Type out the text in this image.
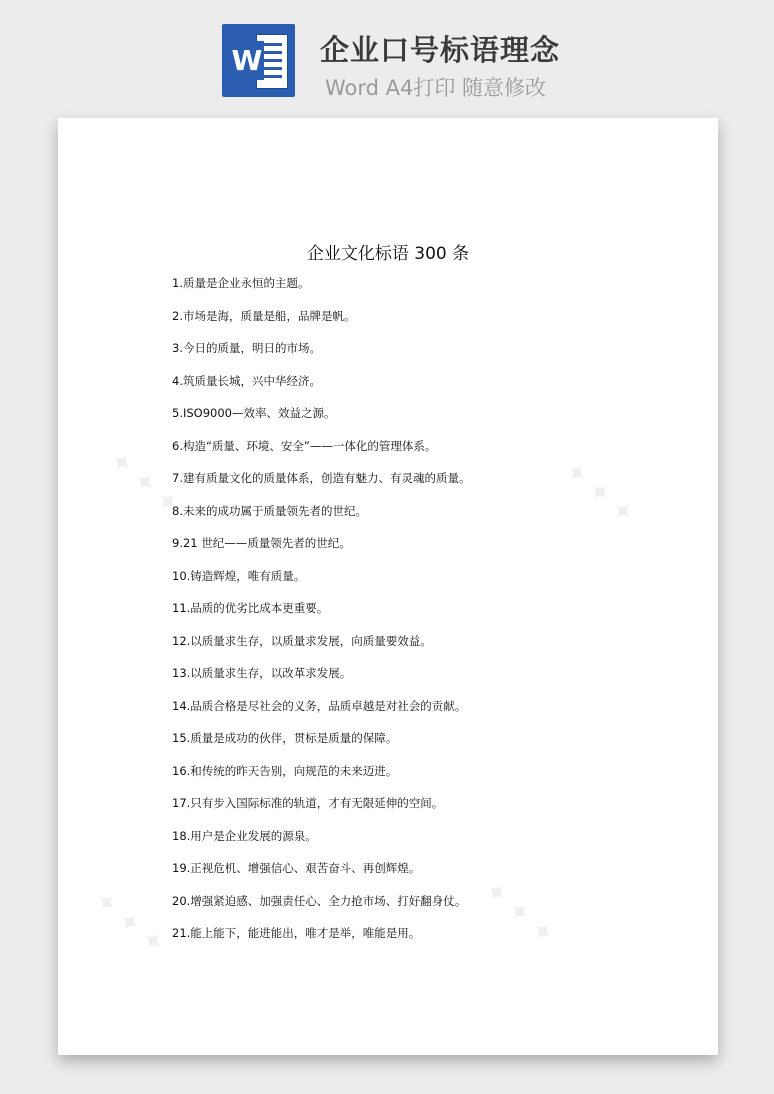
W 企业口号标语理念
Word A4打印 随意修改
✦ ✦ ✦	✦ ✦ ✦
✦ ✦ ✦	✦ ✦ ✦
企业文化标语 300 条
1.质量是企业永恒的主题。
2.市场是海，质量是船，品牌是帆。
3.今日的质量，明日的市场。
4.筑质量长城，兴中华经济。
5.ISO9000—效率、效益之源。
6.构造“质量、环境、安全”——一体化的管理体系。
7.建有质量文化的质量体系，创造有魅力、有灵魂的质量。
8.未来的成功属于质量领先者的世纪。
9.21 世纪——质量领先者的世纪。
10.铸造辉煌，唯有质量。
11.品质的优劣比成本更重要。
12.以质量求生存，以质量求发展，向质量要效益。
13.以质量求生存，以改革求发展。
14.品质合格是尽社会的义务，品质卓越是对社会的贡献。
15.质量是成功的伙伴，贯标是质量的保障。
16.和传统的昨天告别，向规范的未来迈进。
17.只有步入国际标准的轨道，才有无限延伸的空间。
18.用户是企业发展的源泉。
19.正视危机、增强信心、艰苦奋斗、再创辉煌。
20.增强紧迫感、加强责任心、全力抢市场、打好翻身仗。
21.能上能下，能进能出，唯才是举，唯能是用。
